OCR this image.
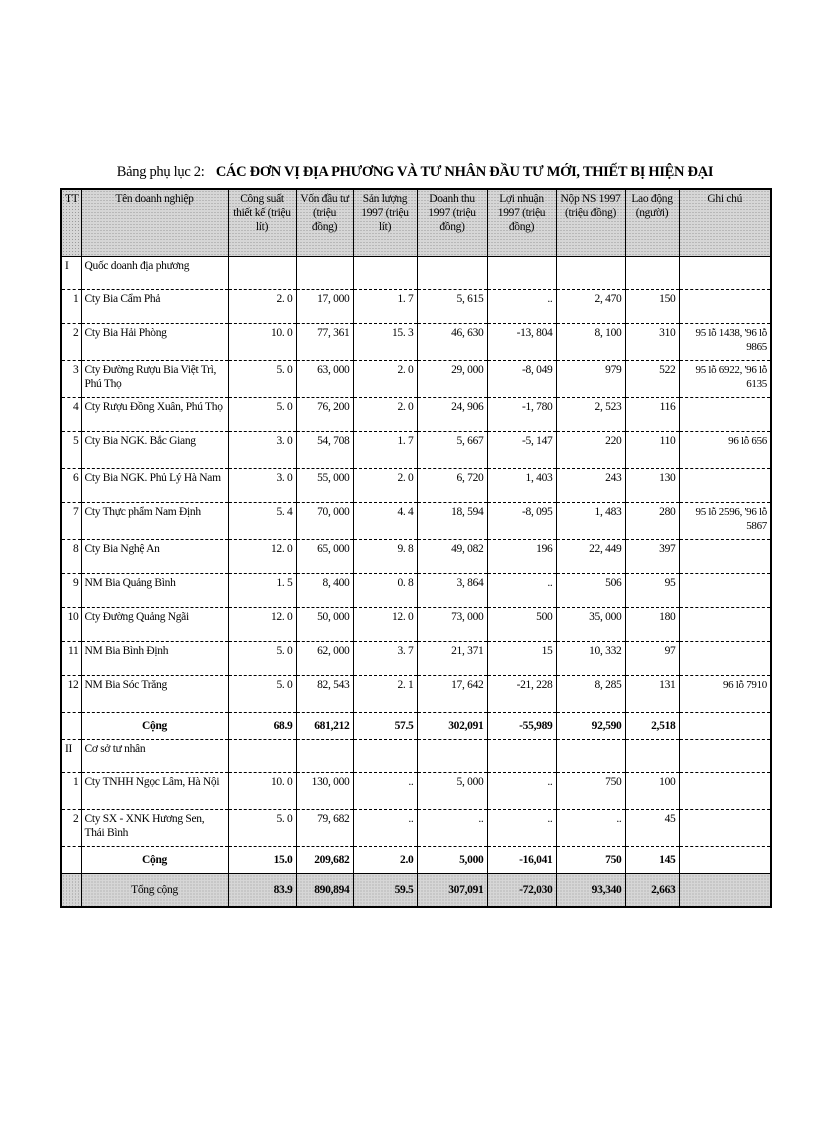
Bảng phụ lục 2: CÁC ĐƠN VỊ ĐỊA PHƯƠNG VÀ TƯ NHÂN ĐẦU TƯ MỚI, THIẾT BỊ HIỆN ĐẠI
TT	Tên doanh nghiệp	Công suất thiết kế (triệu lít)	Vốn đầu tư (triệu đồng)	Sản lượng 1997 (triệu lít)	Doanh thu 1997 (triệu đồng)	Lợi nhuận 1997 (triệu đồng)	Nộp NS 1997 (triệu đồng)	Lao động (người)	Ghi chú
I	Quốc doanh địa phương								
1	Cty Bia Cẩm Phả	2. 0	17, 000	1. 7	5, 615	..	2, 470	150	
2	Cty Bia Hải Phòng	10. 0	77, 361	15. 3	46, 630	-13, 804	8, 100	310	95 lỗ 1438, '96 lỗ 9865
3	Cty Đường Rượu Bia Việt Trì, Phú Thọ	5. 0	63, 000	2. 0	29, 000	-8, 049	979	522	95 lỗ 6922, '96 lỗ 6135
4	Cty Rượu Đồng Xuân, Phú Thọ	5. 0	76, 200	2. 0	24, 906	-1, 780	2, 523	116	
5	Cty Bia NGK. Bắc Giang	3. 0	54, 708	1. 7	5, 667	-5, 147	220	110	96 lỗ 656
6	Cty Bia NGK. Phủ Lý Hà Nam	3. 0	55, 000	2. 0	6, 720	1, 403	243	130	
7	Cty Thực phẩm Nam Định	5. 4	70, 000	4. 4	18, 594	-8, 095	1, 483	280	95 lỗ 2596, '96 lỗ 5867
8	Cty Bia Nghệ An	12. 0	65, 000	9. 8	49, 082	196	22, 449	397	
9	NM Bia Quảng Bình	1. 5	8, 400	0. 8	3, 864	..	506	95	
10	Cty Đường Quảng Ngãi	12. 0	50, 000	12. 0	73, 000	500	35, 000	180	
11	NM Bia Bình Định	5. 0	62, 000	3. 7	21, 371	15	10, 332	97	
12	NM Bia Sóc Trăng	5. 0	82, 543	2. 1	17, 642	-21, 228	8, 285	131	96 lỗ 7910
	Cộng	68.9	681,212	57.5	302,091	-55,989	92,590	2,518	
II	Cơ sở tư nhân								
1	Cty TNHH Ngọc Lâm, Hà Nội	10. 0	130, 000	..	5, 000	..	750	100	
2	Cty SX - XNK Hương Sen, Thái Bình	5. 0	79, 682	..	..	..	..	45	
	Cộng	15.0	209,682	2.0	5,000	-16,041	750	145	
	Tổng cộng	83.9	890,894	59.5	307,091	-72,030	93,340	2,663	
